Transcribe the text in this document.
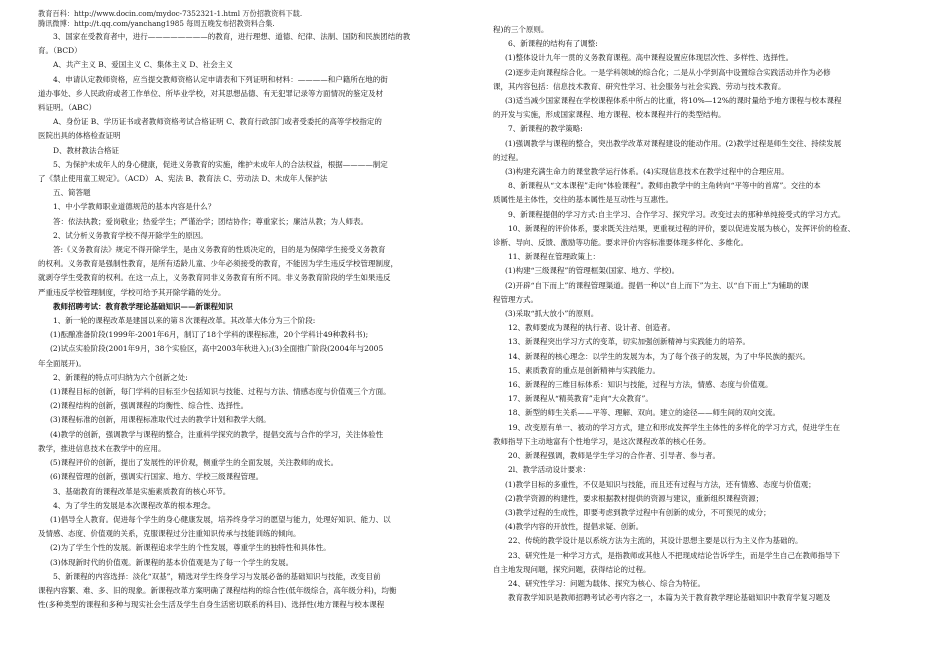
教育百科：http://www.docin.com/mydoc-7352321-1.html 万份招教资料下载.
腾讯微博：http://t.qq.com/yanchang1985 每周五晚发布招教资料合集.

3、国家在受教育者中，进行————————的教育，进行理想、道德、纪律、法制、国防和民族团结的教

育。（BCD）

A、共产主义 B、爱国主义 C、集体主义 D、社会主义

4、申请认定教师资格，应当提交教师资格认定申请表和下列证明和材料：————和户籍所在地的街

道办事处、乡人民政府或者工作单位、所毕业学校，对其思想品德、有无犯罪记录等方面情况的鉴定及材

料证明。（ABC）

A、身份证 B、学历证书或者教师资格考试合格证明 C、教育行政部门或者受委托的高等学校指定的

医院出具的体格检查证明

D、教材教法合格证

5、为保护未成年人的身心健康，促进义务教育的实施，维护未成年人的合法权益，根据————制定

了《禁止使用童工规定》。（ACD） A、宪法 B、教育法 C、劳动法 D、未成年人保护法

五、简答题

1、中小学教师职业道德规范的基本内容是什么？

答：依法执教；爱岗敬业；热爱学生；严谨治学；团结协作；尊重家长；廉洁从教；为人师表。

2、试分析义务教育学校不得开除学生的原因。

答:《义务教育法》规定不得开除学生，是由义务教育的性质决定的，目的是为保障学生接受义务教育

的权利。义务教育是强制性教育，是所有适龄儿童、少年必须接受的教育，不能因为学生违反学校管理制度，

就剥夺学生受教育的权利。在这一点上，义务教育同非义务教育有所不同。非义务教育阶段的学生如果违反

严重违反学校管理制度，学校可给予其开除学籍的处分。

教师招聘考试：教育教学理论基础知识——新课程知识

1、新一轮的课程改革是建国以来的第８次课程改革。其改革大体分为三个阶段:

(1)酝酿准备阶段(1999年-2001年6月，制订了18个学科的课程标准，20个学科计49种教科书);

(2)试点实验阶段(2001年9月，38个实验区，高中2003年秋进入);(3)全面推广阶段(2004年与2005

年全面展开)。

2、新课程的特点可归纳为六个创新之处:

(1)课程目标的创新，每门学科的目标至少包括知识与技能、过程与方法、情感态度与价值观三个方面。

(2)课程结构的创新，强调课程的均衡性、综合性、选择性。

(3)课程标准的创新，用课程标准取代过去的教学计划和教学大纲。

(4)教学的创新，强调教学与课程的整合，注重科学探究的教学，提倡交流与合作的学习，关注体验性

教学，推进信息技术在教学中的应用。

(5)课程评价的创新，提出了发展性的评价观，侧重学生的全面发展，关注教师的成长。

(6)课程管理的创新，强调实行国家、地方、学校三级课程管理。

3、基础教育的课程改革是实施素质教育的核心环节。

4、为了学生的发展是本次课程改革的根本理念。

(1)倡导全人教育。促进每个学生的身心健康发展，培养终身学习的愿望与能力，处理好知识、能力、以

及情感、态度、价值观的关系，克服课程过分注重知识传承与技能训练的倾向。

(2)为了学生个性的发展。新课程追求学生的个性发展，尊重学生的独特性和具体性。

(3)体现新时代的价值观。新课程的基本价值观是为了每一个学生的发展。

5、新课程的内容选择：淡化“双基”，精选对学生终身学习与发展必备的基础知识与技能，改变目前

课程内容繁、难、多、旧的现象。新课程改革方案明确了课程结构的综合性(低年级综合，高年级分科)，均衡

性(多种类型的课程和多种与现实社会生活及学生自身生活密切联系的科目)、选择性(地方课程与校本课程

程)的三个原则。

6、新课程的结构有了调整:

(1)整体设计九年一贯的义务教育课程。高中课程设置应体现层次性、多样性、选择性。

(2)逐步走向课程综合化。一是学科领域的综合化；二是从小学到高中设置综合实践活动并作为必修

课，其内容包括：信息技术教育、研究性学习、社会服务与社会实践、劳动与技术教育。

(3)适当减少国家课程在学校课程体系中所占的比重，将10%—12%的课时量给予地方课程与校本课程

的开发与实施，形成国家课程、地方课程、校本课程并行的类型结构。

7、新课程的教学策略:

(1)强调教学与课程的整合，突出教学改革对课程建设的能动作用。(2)教学过程是师生交往、持续发展

的过程。

(3)构建充满生命力的课堂教学运行体系。(4)实现信息技术在教学过程中的合理应用。

8、新课程从“文本课程”走向“体验课程”。教师由教学中的主角转向“平等中的首席”。交往的本

质属性是主体性，交往的基本属性是互动性与互惠性。

9、新课程提倡的学习方式:自主学习、合作学习、探究学习。改变过去的那种单纯接受式的学习方式。

10、新课程的评价体系，要求既关注结果，更重视过程的评价，要以促进发展为核心，发挥评价的检查、

诊断、导向、反馈、激励等功能。要求评价内容标准要体现多样化、多维化。

11、新课程在管理政策上：

(1)构建“三级课程”的管理框架(国家、地方、学校)。

(2)开辟“自下而上”的课程管理渠道。提倡一种以“自上而下”为主、以“自下而上”为辅助的课

程管理方式。

(3)采取“抓大放小”的原则。

12、教师要成为课程的执行者、设计者、创造者。

13、新课程突出学习方式的变革，切实加强创新精神与实践能力的培养。

14、新课程的核心理念：以学生的发展为本，为了每个孩子的发展，为了中华民族的振兴。

15、素质教育的重点是创新精神与实践能力。

16、新课程的三维目标体系：知识与技能，过程与方法，情感、态度与价值观。

17、新课程从“精英教育”走向“大众教育”。

18、新型的师生关系——平等、理解、双向。建立的途径——师生间的双向交流。

19、改变原有单一、被动的学习方式，建立和形成发挥学生主体性的多样化的学习方式，促进学生在

教师指导下主动地富有个性地学习，是这次课程改革的核心任务。

20、新课程强调，教师是学生学习的合作者、引导者、参与者。

2l、教学活动设计要求：

(1)教学目标的多重性，不仅是知识与技能，而且还有过程与方法，还有情感、态度与价值观；

(2)教学资源的构建性，要求根据教材提供的资源与建议，重新组织课程资源；

(3)教学过程的生成性，即要考虑到教学过程中有创新的成分，不可预见的成分；

(4)教学内容的开放性，提倡求疑、创新。

22、传统的教学设计是以系统方法为主流的，其设计思想主要是以行为主义作为基础的。

23、研究性是一种学习方式，是指教师或其他人不把现成结论告诉学生，而是学生自己在教师指导下

自主地发现问题，探究问题，获得结论的过程。

24、研究性学习：问题为载体、探究为核心、综合为特征。

教育教学知识是教师招聘考试必考内容之一，本篇为关于教育教学理论基础知识中教育学复习题及
